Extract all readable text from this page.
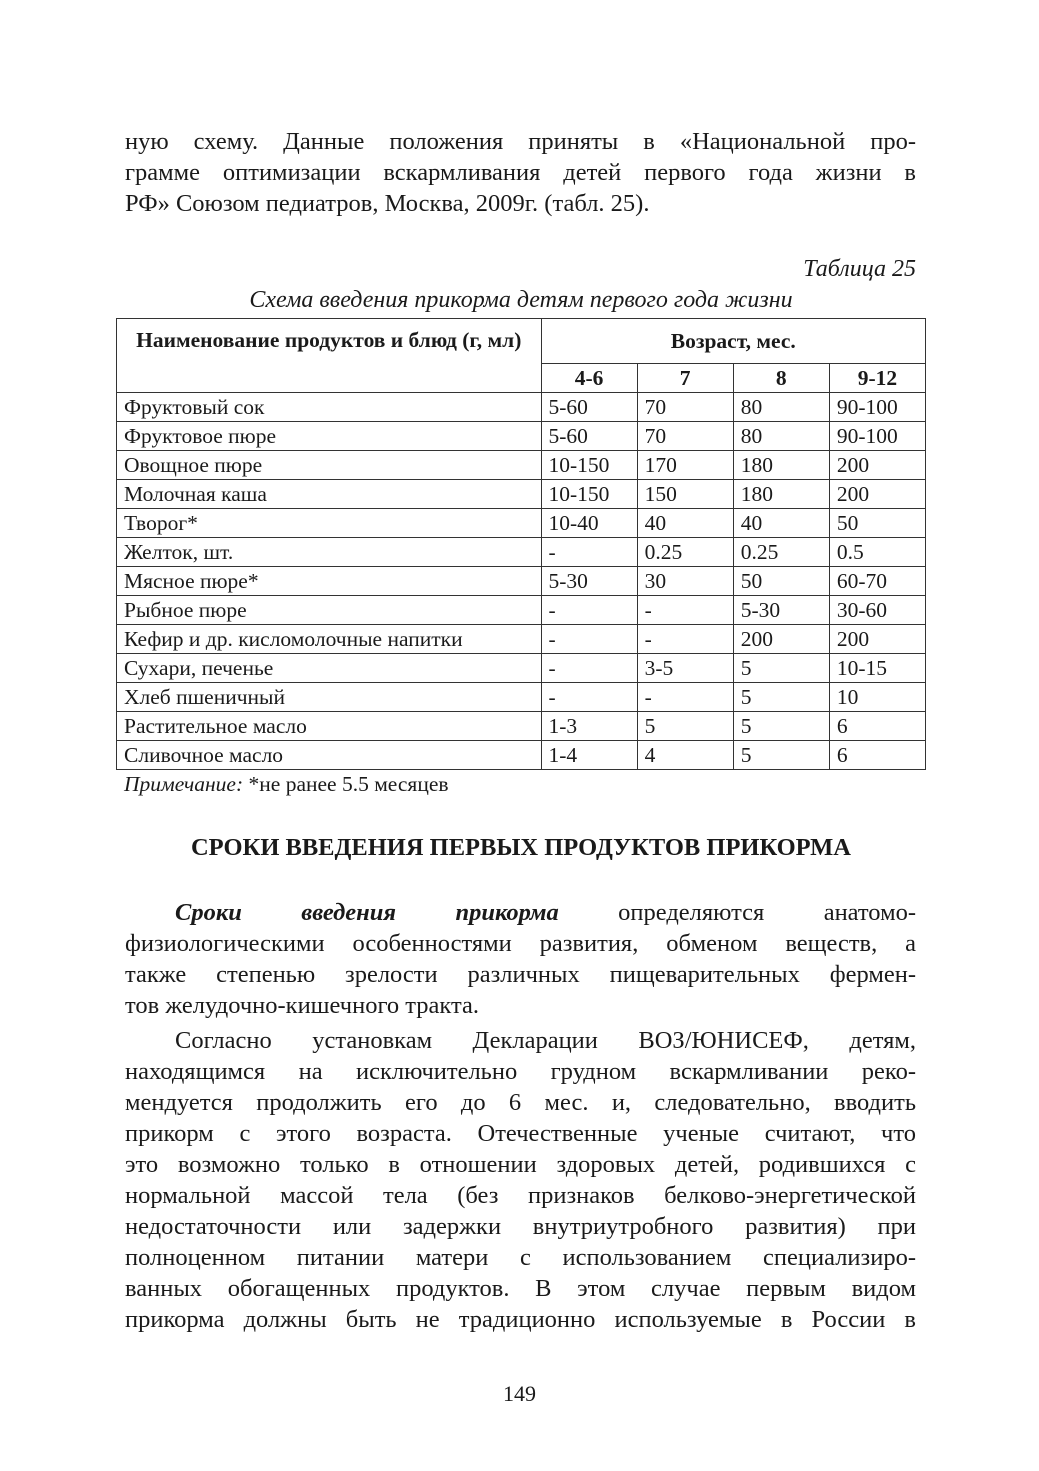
ную схему. Данные положения приняты в «Национальной про-
грамме оптимизации вскармливания детей первого года жизни в
РФ» Союзом педиатров, Москва, 2009г. (табл. 25).
Таблица 25
Схема введения прикорма детям первого года жизни
Наименование продуктов и блюд (г, мл)	Возраст, мес.			
	4-6	7	8	9-12
Фруктовый сок	5-60	70	80	90-100
Фруктовое пюре	5-60	70	80	90-100
Овощное пюре	10-150	170	180	200
Молочная каша	10-150	150	180	200
Творог*	10-40	40	40	50
Желток, шт.	-	0.25	0.25	0.5
Мясное пюре*	5-30	30	50	60-70
Рыбное пюре	-	-	5-30	30-60
Кефир и др. кисломолочные напитки	-	-	200	200
Сухари, печенье	-	3-5	5	10-15
Хлеб пшеничный	-	-	5	10
Растительное масло	1-3	5	5	6
Сливочное масло	1-4	4	5	6
Примечание: *не ранее 5.5 месяцев
СРОКИ ВВЕДЕНИЯ ПЕРВЫХ ПРОДУКТОВ ПРИКОРМА
Сроки введения прикорма определяются анатомо-
физиологическими особенностями развития, обменом веществ, а
также степенью зрелости различных пищеварительных фермен-
тов желудочно-кишечного тракта.
Согласно установкам Декларации ВОЗ/ЮНИСЕФ, детям,
находящимся на исключительно грудном вскармливании реко-
мендуется продолжить его до 6 мес. и, следовательно, вводить
прикорм с этого возраста. Отечественные ученые считают, что
это возможно только в отношении здоровых детей, родившихся с
нормальной массой тела (без признаков белково-энергетической
недостаточности или задержки внутриутробного развития) при
полноценном питании матери с использованием специализиро-
ванных обогащенных продуктов. В этом случае первым видом
прикорма должны быть не традиционно используемые в России в
149
